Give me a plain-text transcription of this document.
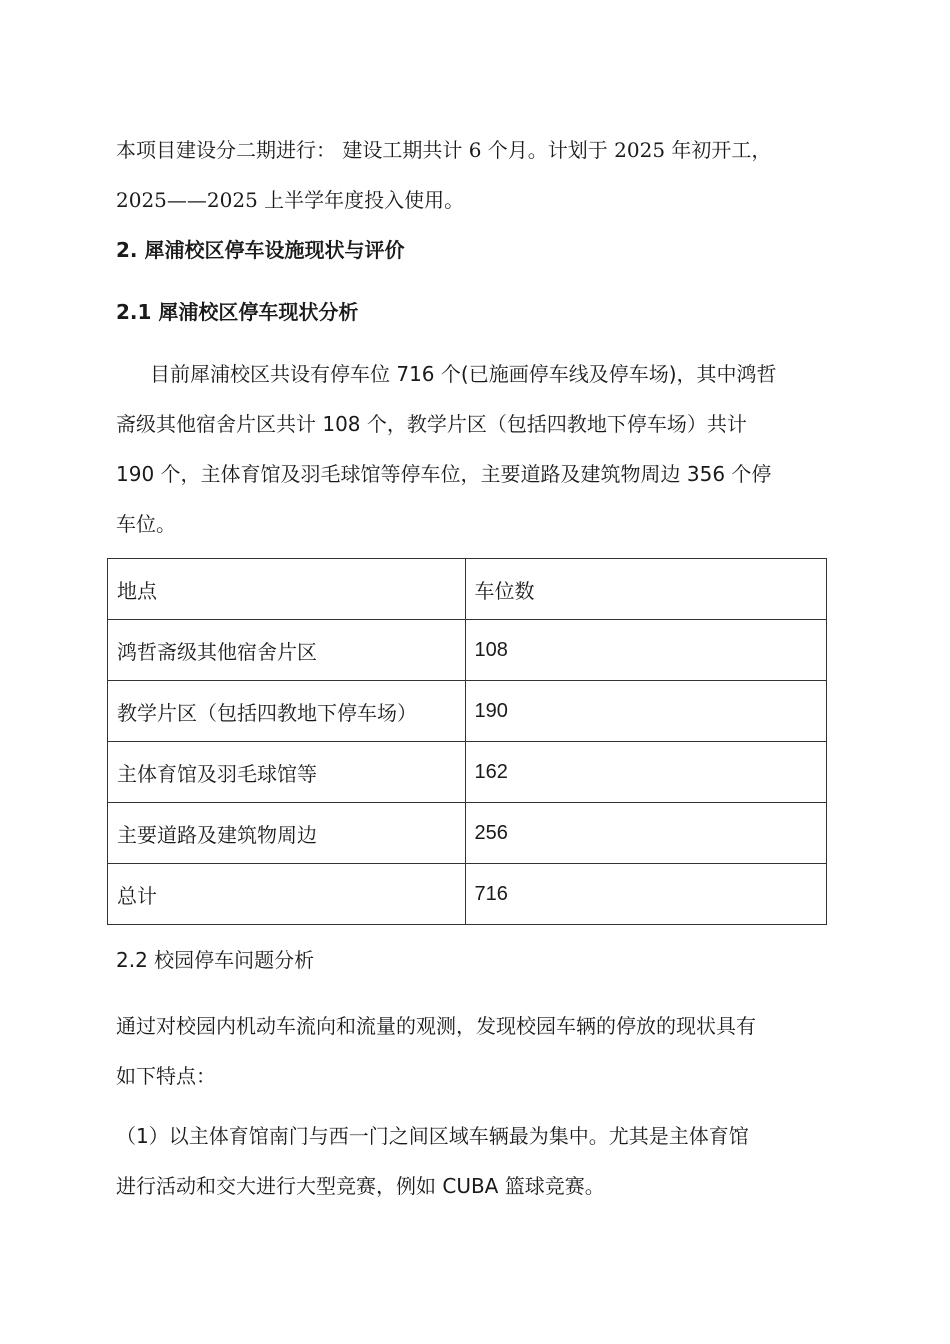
本项目建设分二期进行： 建设工期共计 6 个月。计划于 2025 年初开工，
2025——2025 上半学年度投入使用。
2. 犀浦校区停车设施现状与评价
2.1 犀浦校区停车现状分析
目前犀浦校区共设有停车位 716 个(已施画停车线及停车场)，其中鸿哲
斋级其他宿舍片区共计 108 个，教学片区（包括四教地下停车场）共计
190 个，主体育馆及羽毛球馆等停车位，主要道路及建筑物周边 356 个停
车位。
地点	车位数
鸿哲斋级其他宿舍片区	108
教学片区（包括四教地下停车场）	190
主体育馆及羽毛球馆等	162
主要道路及建筑物周边	256
总计	716
2.2 校园停车问题分析
通过对校园内机动车流向和流量的观测，发现校园车辆的停放的现状具有
如下特点：
（1）以主体育馆南门与西一门之间区域车辆最为集中。尤其是主体育馆
进行活动和交大进行大型竞赛，例如 CUBA 篮球竞赛。
